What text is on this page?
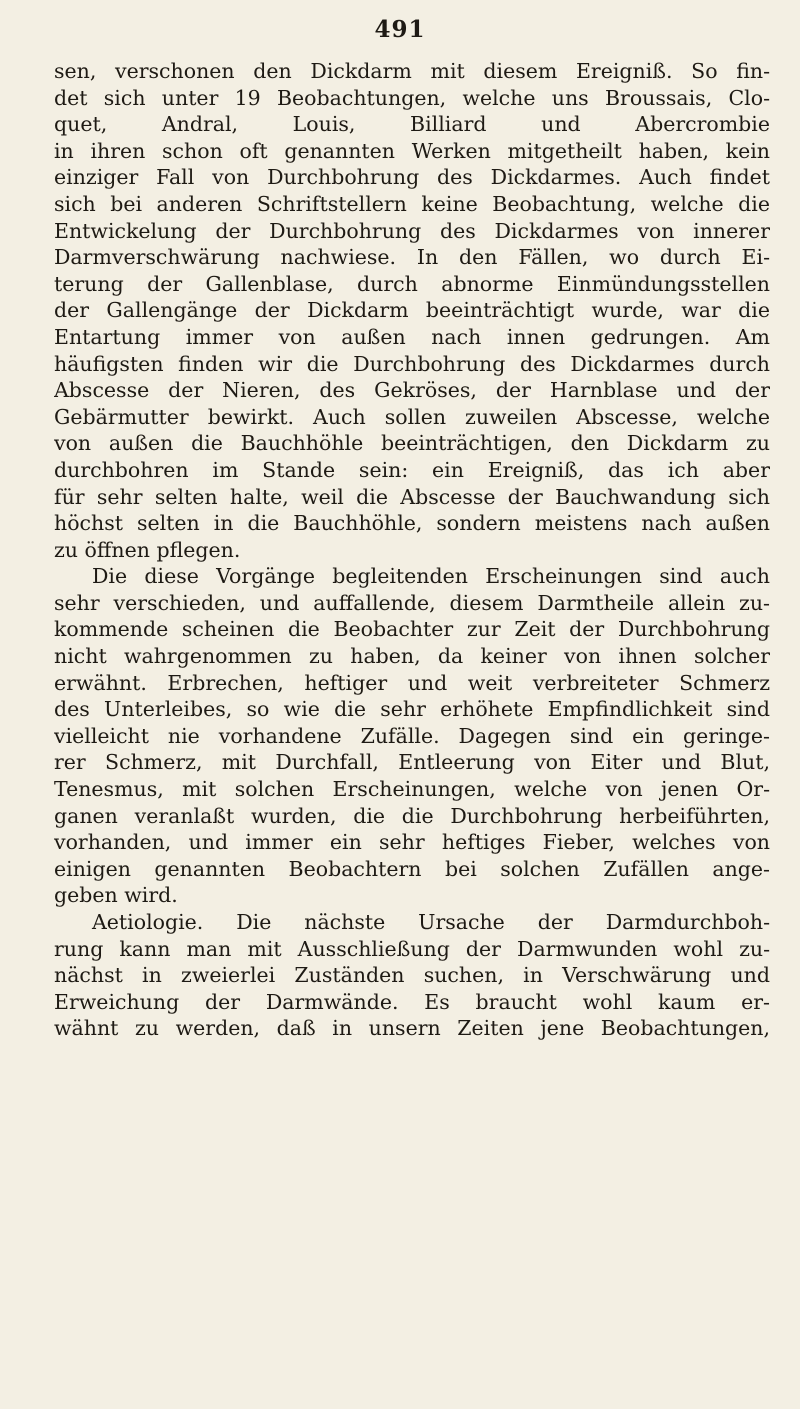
491
sen, verschonen den Dickdarm mit diesem Ereigniß. So fin-
det sich unter 19 Beobachtungen, welche uns Broussais, Clo-
quet, Andral, Louis, Billiard und Abercrombie
in ihren schon oft genannten Werken mitgetheilt haben, kein
einziger Fall von Durchbohrung des Dickdarmes. Auch findet
sich bei anderen Schriftstellern keine Beobachtung, welche die
Entwickelung der Durchbohrung des Dickdarmes von innerer
Darmverschwärung nachwiese. In den Fällen, wo durch Ei-
terung der Gallenblase, durch abnorme Einmündungsstellen
der Gallengänge der Dickdarm beeinträchtigt wurde, war die
Entartung immer von außen nach innen gedrungen. Am
häufigsten finden wir die Durchbohrung des Dickdarmes durch
Abscesse der Nieren, des Gekröses, der Harnblase und der
Gebärmutter bewirkt. Auch sollen zuweilen Abscesse, welche
von außen die Bauchhöhle beeinträchtigen, den Dickdarm zu
durchbohren im Stande sein: ein Ereigniß, das ich aber
für sehr selten halte, weil die Abscesse der Bauchwandung sich
höchst selten in die Bauchhöhle, sondern meistens nach außen
zu öffnen pflegen.
Die diese Vorgänge begleitenden Erscheinungen sind auch
sehr verschieden, und auffallende, diesem Darmtheile allein zu-
kommende scheinen die Beobachter zur Zeit der Durchbohrung
nicht wahrgenommen zu haben, da keiner von ihnen solcher
erwähnt. Erbrechen, heftiger und weit verbreiteter Schmerz
des Unterleibes, so wie die sehr erhöhete Empfindlichkeit sind
vielleicht nie vorhandene Zufälle. Dagegen sind ein geringe-
rer Schmerz, mit Durchfall, Entleerung von Eiter und Blut,
Tenesmus, mit solchen Erscheinungen, welche von jenen Or-
ganen veranlaßt wurden, die die Durchbohrung herbeiführten,
vorhanden, und immer ein sehr heftiges Fieber, welches von
einigen genannten Beobachtern bei solchen Zufällen ange-
geben wird.
Aetiologie. Die nächste Ursache der Darmdurchboh-
rung kann man mit Ausschließung der Darmwunden wohl zu-
nächst in zweierlei Zuständen suchen, in Verschwärung und
Erweichung der Darmwände. Es braucht wohl kaum er-
wähnt zu werden, daß in unsern Zeiten jene Beobachtungen,
